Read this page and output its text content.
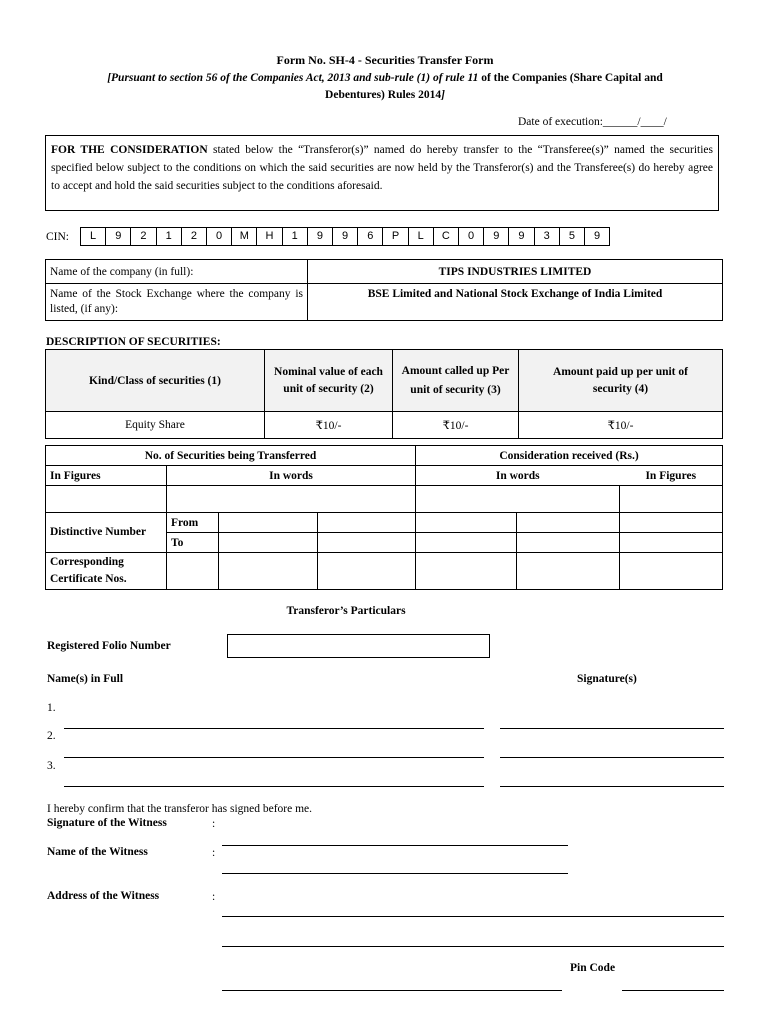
Form No. SH-4 - Securities Transfer Form
[Pursuant to section 56 of the Companies Act, 2013 and sub-rule (1) of rule 11 of the Companies (Share Capital and
Debentures) Rules 2014]
Date of execution:______/____/
FOR THE CONSIDERATION stated below the “Transferor(s)” named do hereby transfer to the “Transferee(s)” named the securities specified below subject to the conditions on which the said securities are now held by the Transferor(s) and the Transferee(s) do hereby agree to accept and hold the said securities subject to the conditions aforesaid.
CIN:	L	9	2	1	2	0	M	H	1	9	9	6	P	L	C	0	9	9	3	5	9
Name of the company (in full):	TIPS INDUSTRIES LIMITED
Name of the Stock Exchange where the company is listed, (if any):	BSE Limited and National Stock Exchange of India Limited
DESCRIPTION OF SECURITIES:
Kind/Class of securities (1)	Nominal value of each unit of security (2)	Amount called up Per unit of security (3)	Amount paid up per unit of security (4)
Equity Share	₹10/-	₹10/-	₹10/-
No. of Securities being Transferred				Consideration received (Rs.)		
In Figures	In words			In words		In Figures

Distinctive Number	From					
	To					
Corresponding Certificate Nos.						
Transferor’s Particulars
Registered Folio Number
Name(s) in Full	Signature(s)
1.
2.
3.
I hereby confirm that the transferor has signed before me.
Signature of the Witness	:
Name of the Witness	:
Address of the Witness	:
Pin Code
